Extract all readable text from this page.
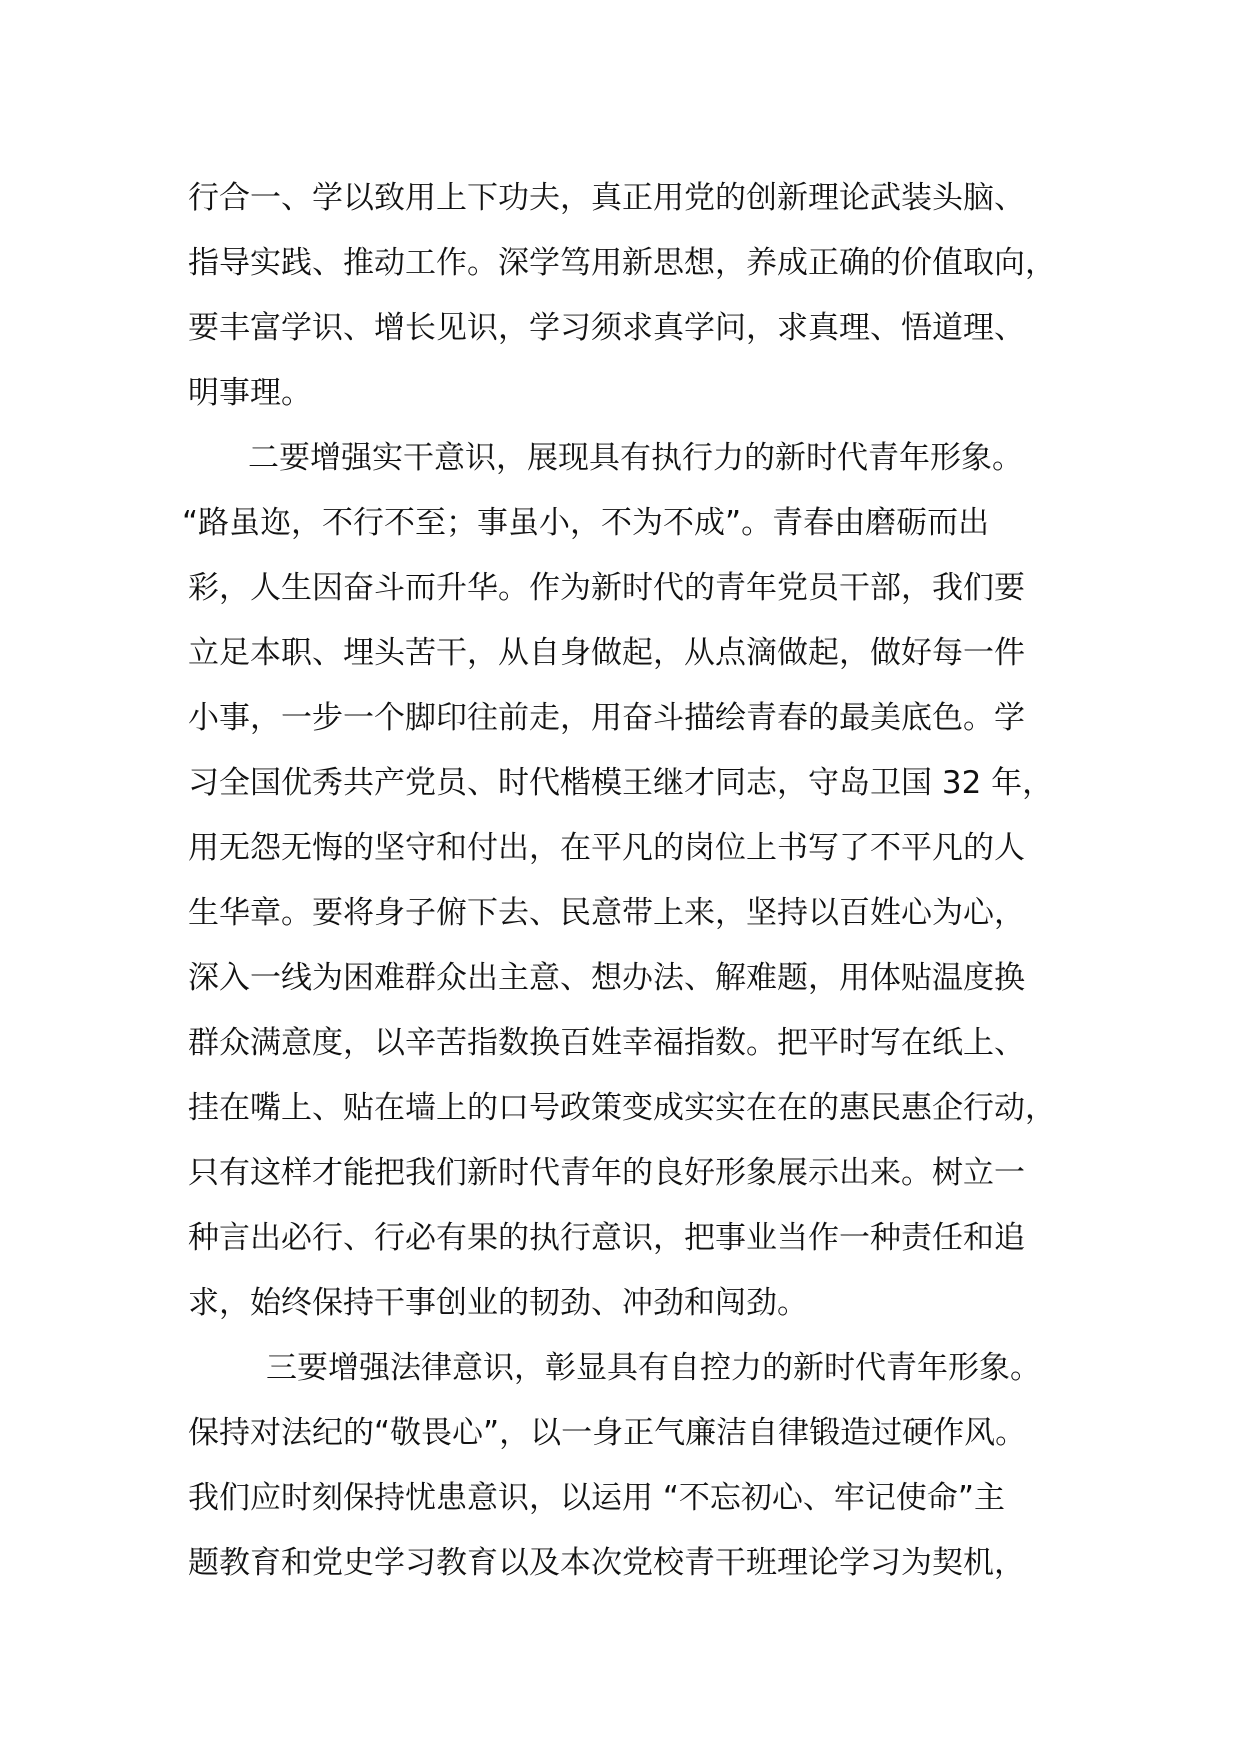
行合一、学以致用上下功夫，真正用党的创新理论武装头脑、
指导实践、推动工作。深学笃用新思想，养成正确的价值取向，
要丰富学识、增长见识，学习须求真学问，求真理、悟道理、
明事理。
二要增强实干意识，展现具有执行力的新时代青年形象。
“路虽迩，不行不至；事虽小，不为不成”。青春由磨砺而出
彩，人生因奋斗而升华。作为新时代的青年党员干部，我们要
立足本职、埋头苦干，从自身做起，从点滴做起，做好每一件
小事，一步一个脚印往前走，用奋斗描绘青春的最美底色。学
习全国优秀共产党员、时代楷模王继才同志，守岛卫国 32 年，
用无怨无悔的坚守和付出，在平凡的岗位上书写了不平凡的人
生华章。要将身子俯下去、民意带上来，坚持以百姓心为心，
深入一线为困难群众出主意、想办法、解难题，用体贴温度换
群众满意度，以辛苦指数换百姓幸福指数。把平时写在纸上、
挂在嘴上、贴在墙上的口号政策变成实实在在的惠民惠企行动，
只有这样才能把我们新时代青年的良好形象展示出来。树立一
种言出必行、行必有果的执行意识，把事业当作一种责任和追
求，始终保持干事创业的韧劲、冲劲和闯劲。
三要增强法律意识，彰显具有自控力的新时代青年形象。
保持对法纪的“敬畏心”，以一身正气廉洁自律锻造过硬作风。
我们应时刻保持忧患意识，以运用 “不忘初心、牢记使命”主
题教育和党史学习教育以及本次党校青干班理论学习为契机，
